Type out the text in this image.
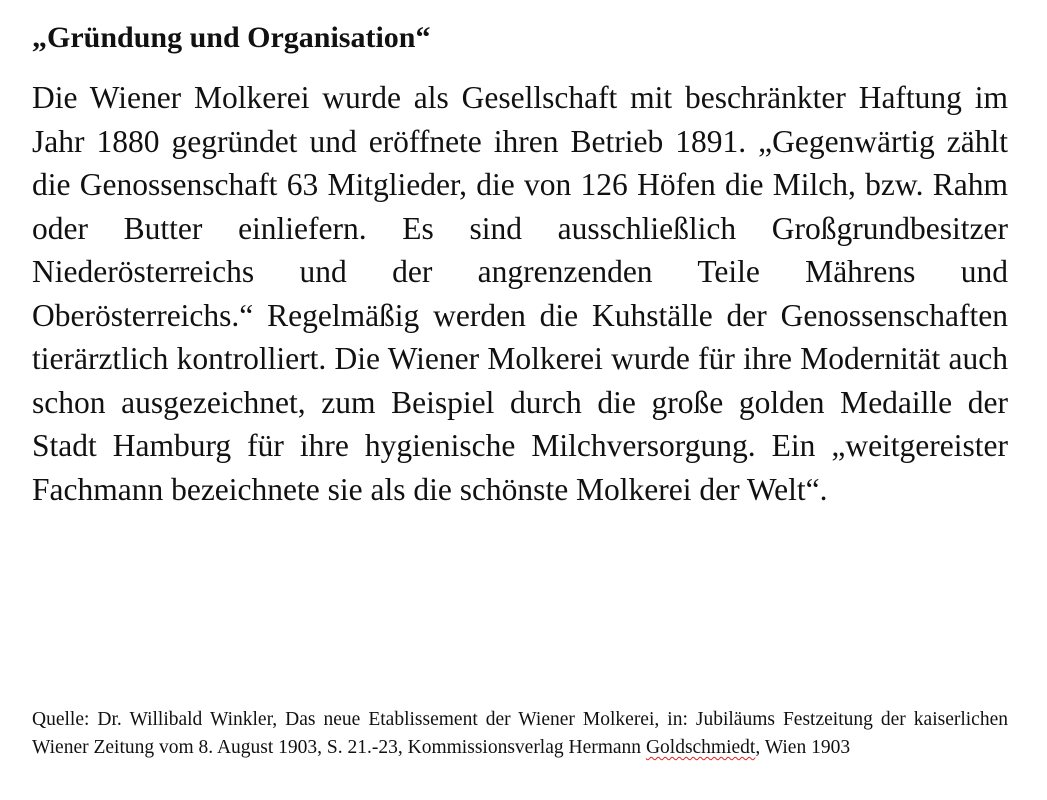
„Gründung und Organisation“

Die Wiener Molkerei wurde als Gesellschaft mit beschränkter Haftung im Jahr 1880 gegründet und eröffnete ihren Betrieb 1891. „Gegenwärtig zählt die Genossenschaft 63 Mitglieder, die von 126 Höfen die Milch, bzw. Rahm oder Butter einliefern. Es sind ausschließlich Großgrundbesitzer Niederösterreichs und der angrenzenden Teile Mährens und Oberösterreichs.“ Regelmäßig werden die Kuhställe der Genossenschaften tierärztlich kontrolliert. Die Wiener Molkerei wurde für ihre Modernität auch schon ausgezeichnet, zum Beispiel durch die große golden Medaille der Stadt Hamburg für ihre hygienische Milchversorgung. Ein „weitgereister Fachmann bezeichnete sie als die schönste Molkerei der Welt“.

Quelle: Dr. Willibald Winkler, Das neue Etablissement der Wiener Molkerei, in: Jubiläums Festzeitung der kaiserlichen Wiener Zeitung vom 8. August 1903, S. 21.-23, Kommissionsverlag Hermann Goldschmiedt, Wien 1903
